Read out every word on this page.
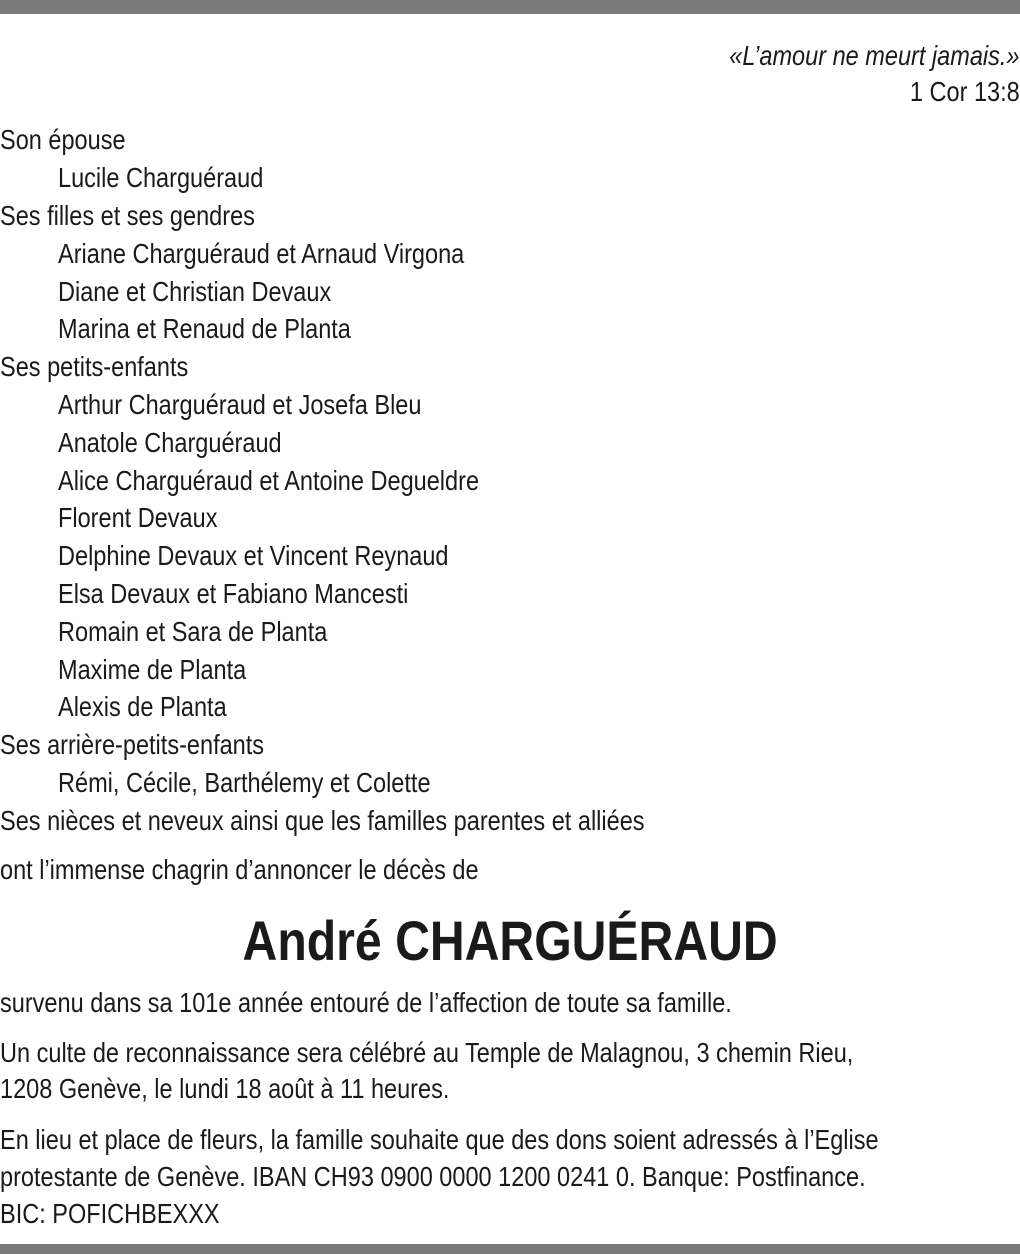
«L’amour ne meurt jamais.»
1 Cor 13:8
Son épouse
Lucile Charguéraud
Ses filles et ses gendres
Ariane Charguéraud et Arnaud Virgona
Diane et Christian Devaux
Marina et Renaud de Planta
Ses petits-enfants
Arthur Charguéraud et Josefa Bleu
Anatole Charguéraud
Alice Charguéraud et Antoine Degueldre
Florent Devaux
Delphine Devaux et Vincent Reynaud
Elsa Devaux et Fabiano Mancesti
Romain et Sara de Planta
Maxime de Planta
Alexis de Planta
Ses arrière-petits-enfants
Rémi, Cécile, Barthélemy et Colette
Ses nièces et neveux ainsi que les familles parentes et alliées
ont l’immense chagrin d’annoncer le décès de
André CHARGUÉRAUD
survenu dans sa 101e année entouré de l’affection de toute sa famille.
Un culte de reconnaissance sera célébré au Temple de Malagnou, 3 chemin Rieu,
1208 Genève, le lundi 18 août à 11 heures.
En lieu et place de fleurs, la famille souhaite que des dons soient adressés à l’Eglise
protestante de Genève. IBAN CH93 0900 0000 1200 0241 0. Banque: Postfinance.
BIC: POFICHBEXXX
